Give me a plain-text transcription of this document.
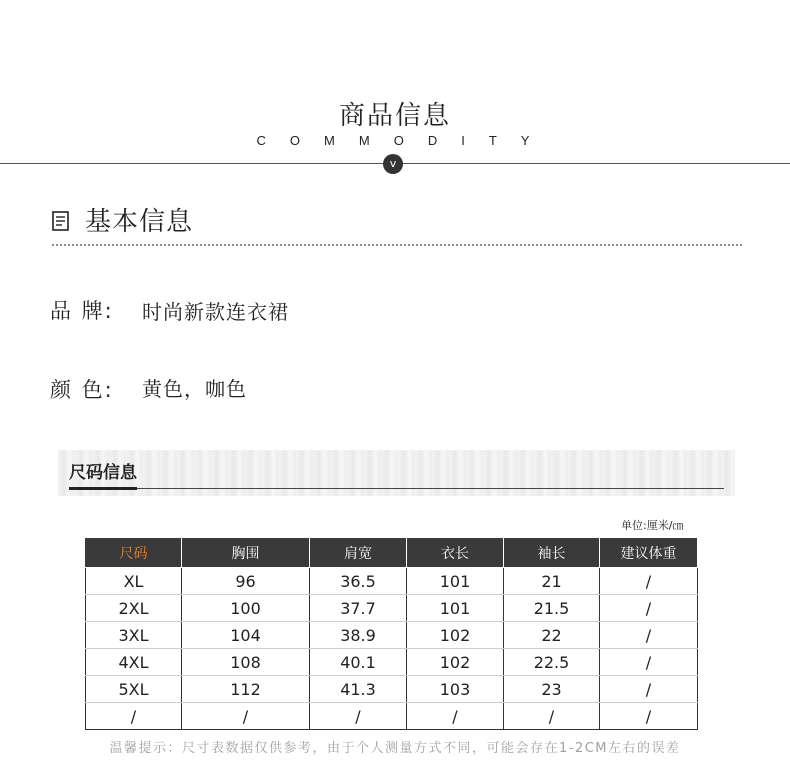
商品信息
COMMODITY
v
基本信息
品 牌: 时尚新款连衣裙
颜 色: 黄色，咖色
尺码信息
单位:厘米/㎝
尺码	胸围	肩宽	衣长	袖长	建议体重
XL	96	36.5	101	21	/
2XL	100	37.7	101	21.5	/
3XL	104	38.9	102	22	/
4XL	108	40.1	102	22.5	/
5XL	112	41.3	103	23	/
/	/	/	/	/	/
温馨提示：尺寸表数据仅供参考，由于个人测量方式不同，可能会存在1-2CM左右的误差
